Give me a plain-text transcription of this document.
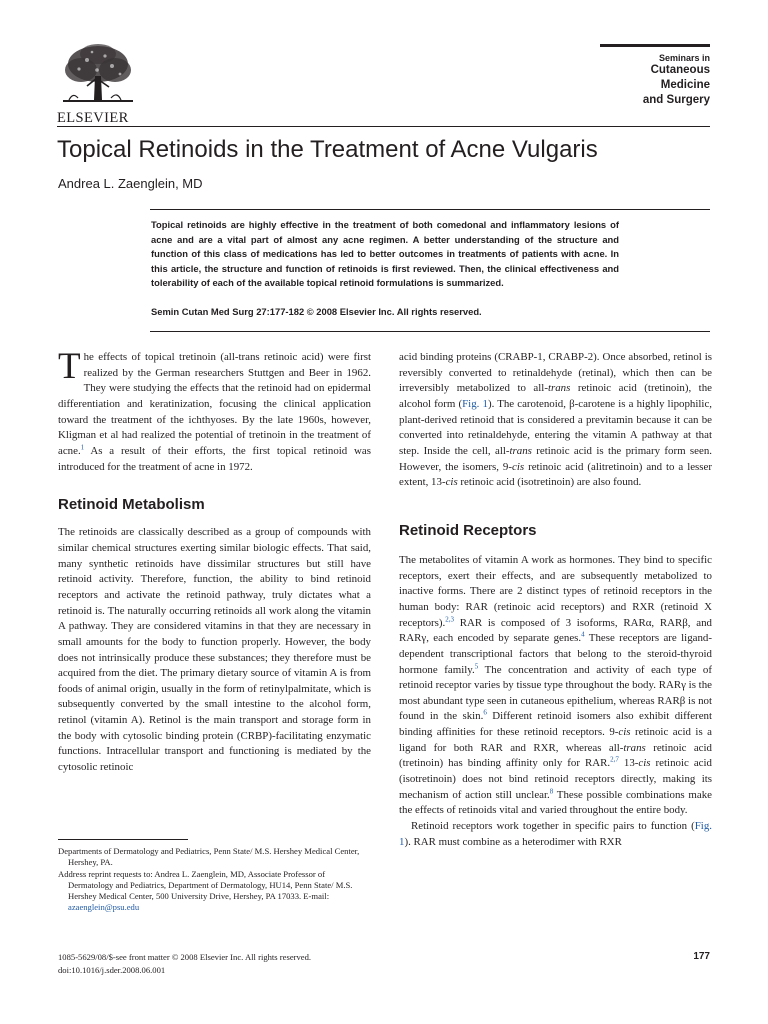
ELSEVIER
Seminars in
Cutaneous
Medicine
and Surgery
Topical Retinoids in the Treatment of Acne Vulgaris

Andrea L. Zaenglein, MD

Topical retinoids are highly effective in the treatment of both comedonal and inflammatory lesions of acne and are a vital part of almost any acne regimen. A better understanding of the structure and function of this class of medications has led to better outcomes in treatments of patients with acne. In this article, the structure and function of retinoids is first reviewed. Then, the clinical effectiveness and tolerability of each of the available topical retinoid formulations is summarized.

Semin Cutan Med Surg 27:177-182 © 2008 Elsevier Inc. All rights reserved.

The effects of topical tretinoin (all-trans retinoic acid) were first realized by the German researchers Stuttgen and Beer in 1962. They were studying the effects that the retinoid had on epidermal differentiation and keratinization, focusing the clinical application toward the treatment of the ichthyoses. By the late 1960s, however, Kligman et al had realized the potential of tretinoin in the treatment of acne.$^1$ As a result of their efforts, the first topical retinoid was introduced for the treatment of acne in 1972.

Retinoid Metabolism

The retinoids are classically described as a group of compounds with similar chemical structures exerting similar biologic effects. That said, many synthetic retinoids have dissimilar structures but still have retinoid activity. Therefore, function, the ability to bind retinoid receptors and activate the retinoid pathway, truly dictates what a retinoid is. The naturally occurring retinoids all work along the vitamin A pathway. They are considered vitamins in that they are necessary in small amounts for the body to function properly. However, the body does not intrinsically produce these substances; they therefore must be acquired from the diet. The primary dietary source of vitamin A is from foods of animal origin, usually in the form of retinylpalmitate, which is subsequently converted by the small intestine to the alcohol form, retinol (vitamin A). Retinol is the main transport and storage form in the body with cytosolic binding protein (CRBP)-facilitating enzymatic functions. Intracellular transport and functioning is mediated by the cytosolic retinoic

acid binding proteins (CRABP-1, CRABP-2). Once absorbed, retinol is reversibly converted to retinaldehyde (retinal), which then can be irreversibly metabolized to all-trans retinoic acid (tretinoin), the alcohol form (Fig. 1). The carotenoid, β-carotene is a highly lipophilic, plant-derived retinoid that is considered a previtamin because it can be converted into retinaldehyde, entering the vitamin A pathway at that step. Inside the cell, all-trans retinoic acid is the primary form seen. However, the isomers, 9-cis retinoic acid (alitretinoin) and to a lesser extent, 13-cis retinoic acid (isotretinoin) are also found.

Retinoid Receptors

The metabolites of vitamin A work as hormones. They bind to specific receptors, exert their effects, and are subsequently metabolized to inactive forms. There are 2 distinct types of retinoid receptors in the human body: RAR (retinoic acid receptors) and RXR (retinoid X receptors).$^{2,3}$ RAR is composed of 3 isoforms, RARα, RARβ, and RARγ, each encoded by separate genes.$^4$ These receptors are ligand-dependent transcriptional factors that belong to the steroid-thyroid hormone family.$^5$ The concentration and activity of each type of retinoid receptor varies by tissue type throughout the body. RARγ is the most abundant type seen in cutaneous epithelium, whereas RARβ is not found in the skin.$^6$ Different retinoid isomers also exhibit different binding affinities for these retinoid receptors. 9-cis retinoic acid is a ligand for both RAR and RXR, whereas all-trans retinoic acid (tretinoin) has binding affinity only for RAR.$^{2,7}$ 13-cis retinoic acid (isotretinoin) does not bind retinoid receptors directly, making its mechanism of action still unclear.$^8$ These possible combinations make the effects of retinoids vital and varied throughout the entire body.

Retinoid receptors work together in specific pairs to function (Fig. 1). RAR must combine as a heterodimer with RXR

Departments of Dermatology and Pediatrics, Penn State/ M.S. Hershey Medical Center, Hershey, PA.

Address reprint requests to: Andrea L. Zaenglein, MD, Associate Professor of Dermatology and Pediatrics, Department of Dermatology, HU14, Penn State/ M.S. Hershey Medical Center, 500 University Drive, Hershey, PA 17033. E-mail: azaenglein@psu.edu

1085-5629/08/$-see front matter © 2008 Elsevier Inc. All rights reserved.
doi:10.1016/j.sder.2008.06.001
177
